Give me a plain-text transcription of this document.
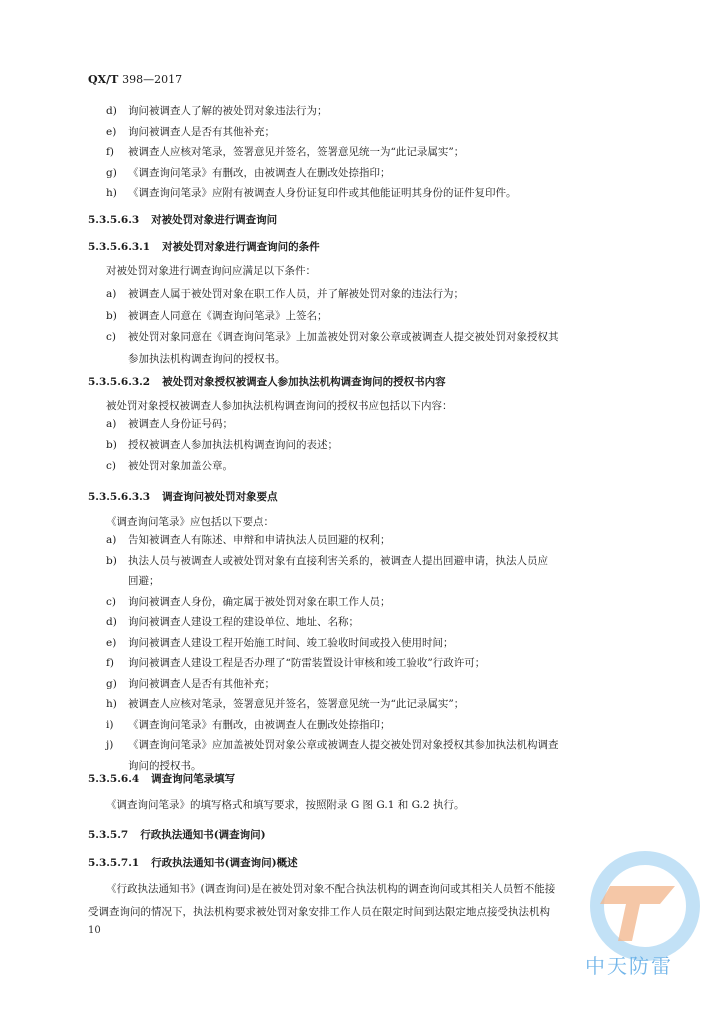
QX/T 398—2017
d) 询问被调查人了解的被处罚对象违法行为；
e) 询问被调查人是否有其他补充；
f) 被调查人应核对笔录，签署意见并签名，签署意见统一为“此记录属实”；
g) 《调查询问笔录》有删改，由被调查人在删改处捺指印；
h) 《调查询问笔录》应附有被调查人身份证复印件或其他能证明其身份的证件复印件。
5.3.5.6.3 对被处罚对象进行调查询问
5.3.5.6.3.1 对被处罚对象进行调查询问的条件
对被处罚对象进行调查询问应满足以下条件：
a) 被调查人属于被处罚对象在职工作人员，并了解被处罚对象的违法行为；
b) 被调查人同意在《调查询问笔录》上签名；
c) 被处罚对象同意在《调查询问笔录》上加盖被处罚对象公章或被调查人提交被处罚对象授权其
参加执法机构调查询问的授权书。
5.3.5.6.3.2 被处罚对象授权被调查人参加执法机构调查询问的授权书内容
被处罚对象授权被调查人参加执法机构调查询问的授权书应包括以下内容：
a) 被调查人身份证号码；
b) 授权被调查人参加执法机构调查询问的表述；
c) 被处罚对象加盖公章。
5.3.5.6.3.3 调查询问被处罚对象要点
《调查询问笔录》应包括以下要点：
a) 告知被调查人有陈述、申辩和申请执法人员回避的权利；
b) 执法人员与被调查人或被处罚对象有直接利害关系的，被调查人提出回避申请，执法人员应
回避；
c) 询问被调查人身份，确定属于被处罚对象在职工作人员；
d) 询问被调查人建设工程的建设单位、地址、名称；
e) 询问被调查人建设工程开始施工时间、竣工验收时间或投入使用时间；
f) 询问被调查人建设工程是否办理了“防雷装置设计审核和竣工验收”行政许可；
g) 询问被调查人是否有其他补充；
h) 被调查人应核对笔录，签署意见并签名，签署意见统一为“此记录属实”；
i) 《调查询问笔录》有删改，由被调查人在删改处捺指印；
j) 《调查询问笔录》应加盖被处罚对象公章或被调查人提交被处罚对象授权其参加执法机构调查
询问的授权书。
5.3.5.6.4 调查询问笔录填写
《调查询问笔录》的填写格式和填写要求，按照附录 G 图 G.1 和 G.2 执行。
5.3.5.7 行政执法通知书(调查询问)
5.3.5.7.1 行政执法通知书(调查询问)概述
《行政执法通知书》(调查询问)是在被处罚对象不配合执法机构的调查询问或其相关人员暂不能接
受调查询问的情况下，执法机构要求被处罚对象安排工作人员在限定时间到达限定地点接受执法机构
10
中天防雷
